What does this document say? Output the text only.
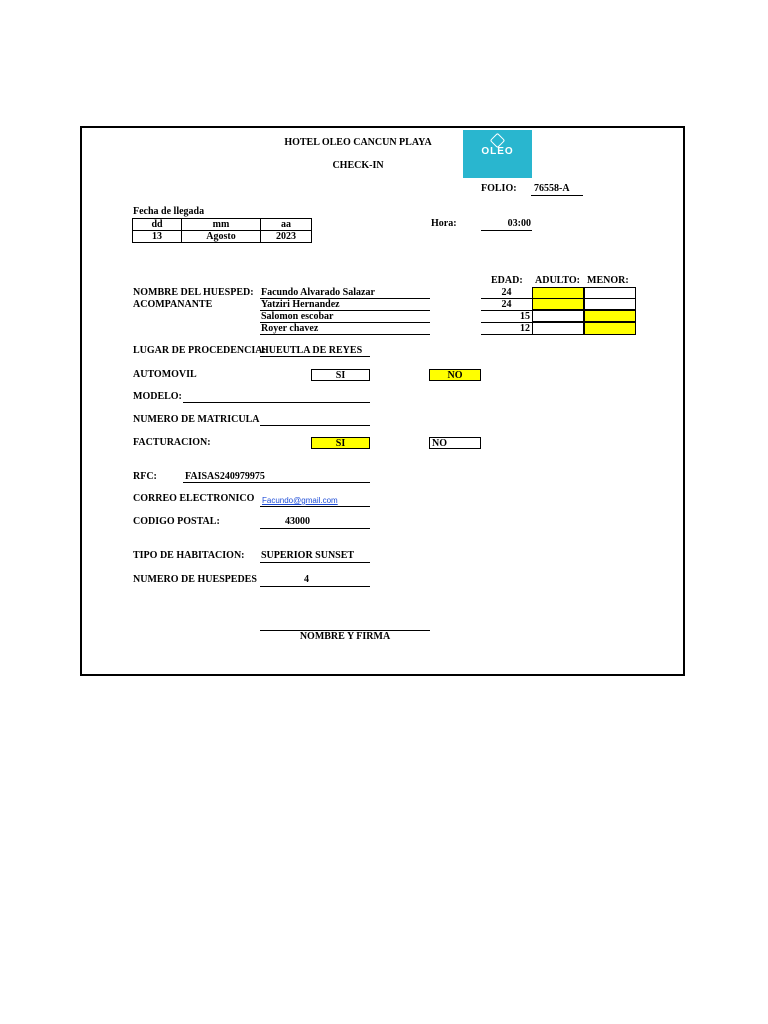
HOTEL OLEO CANCUN PLAYA
CHECK-IN
OLEO
FOLIO: 76558-A
Fecha de llegada
dd	mm	aa
13	Agosto	2023
Hora:	03:00
EDAD: ADULTO: MENOR:
NOMBRE DEL HUESPED:
ACOMPANANTE
Facundo Alvarado Salazar	24
Yatziri Hernandez	24
Salomon escobar	15
Royer chavez	12
LUGAR DE PROCEDENCIA:
HUEUTLA DE REYES
AUTOMOVIL	SI	NO
MODELO:
NUMERO DE MATRICULA
FACTURACION:	SI	NO
RFC:	FAISAS240979975
CORREO ELECTRONICO Facundo@gmail.com
CODIGO POSTAL:	43000
TIPO DE HABITACION: SUPERIOR SUNSET
NUMERO DE HUESPEDES	4
NOMBRE Y FIRMA
